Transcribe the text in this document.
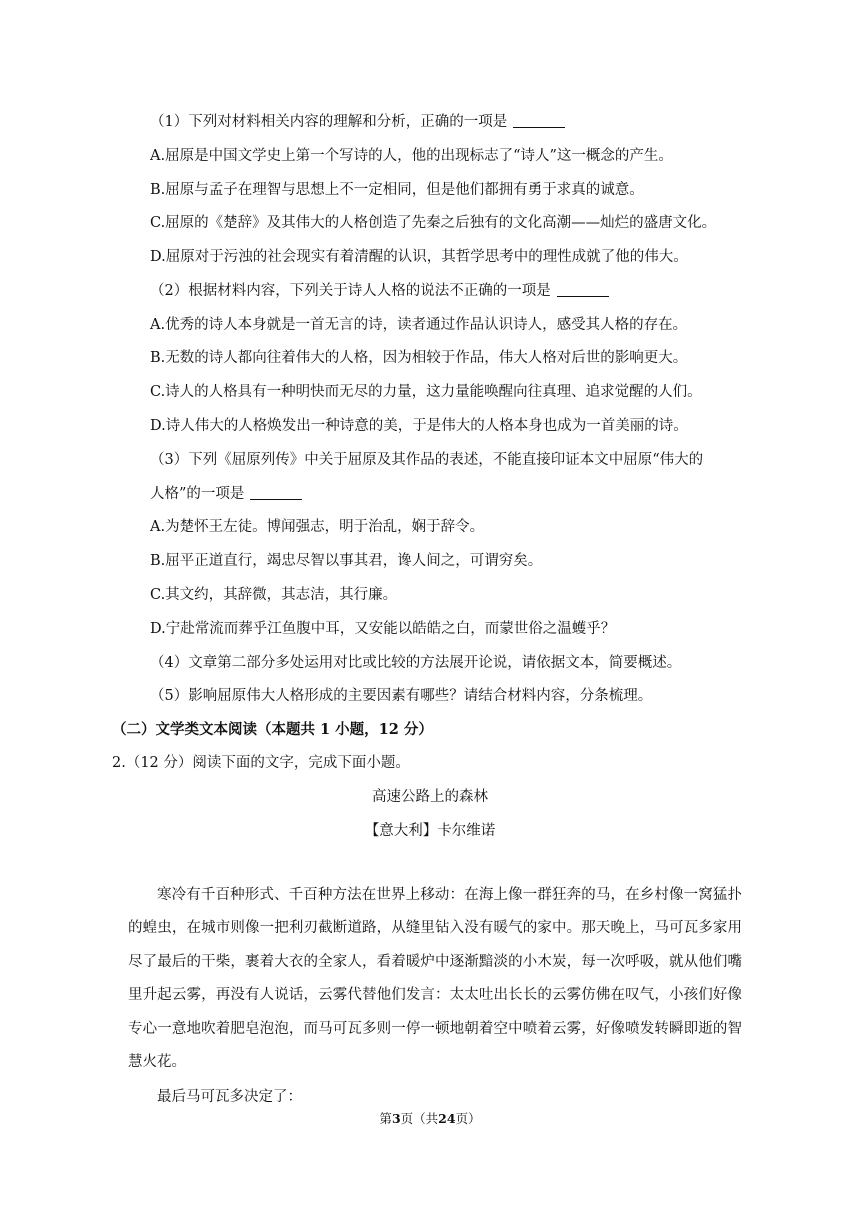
（1）下列对材料相关内容的理解和分析，正确的一项是
A.屈原是中国文学史上第一个写诗的人，他的出现标志了“诗人”这一概念的产生。
B.屈原与孟子在理智与思想上不一定相同，但是他们都拥有勇于求真的诚意。
C.屈原的《楚辞》及其伟大的人格创造了先秦之后独有的文化高潮——灿烂的盛唐文化。
D.屈原对于污浊的社会现实有着清醒的认识，其哲学思考中的理性成就了他的伟大。
（2）根据材料内容，下列关于诗人人格的说法不正确的一项是
A.优秀的诗人本身就是一首无言的诗，读者通过作品认识诗人，感受其人格的存在。
B.无数的诗人都向往着伟大的人格，因为相较于作品，伟大人格对后世的影响更大。
C.诗人的人格具有一种明快而无尽的力量，这力量能唤醒向往真理、追求觉醒的人们。
D.诗人伟大的人格焕发出一种诗意的美，于是伟大的人格本身也成为一首美丽的诗。
（3）下列《屈原列传》中关于屈原及其作品的表述，不能直接印证本文中屈原“伟大的
人格”的一项是
A.为楚怀王左徒。博闻强志，明于治乱，娴于辞令。
B.屈平正道直行，竭忠尽智以事其君，谗人间之，可谓穷矣。
C.其文约，其辞微，其志洁，其行廉。
D.宁赴常流而葬乎江鱼腹中耳，又安能以皓皓之白，而蒙世俗之温蠖乎？
（4）文章第二部分多处运用对比或比较的方法展开论说，请依据文本，简要概述。
（5）影响屈原伟大人格形成的主要因素有哪些？请结合材料内容，分条梳理。
（二）文学类文本阅读（本题共 1 小题，12 分）
2.（12 分）阅读下面的文字，完成下面小题。
高速公路上的森林
【意大利】卡尔维诺
寒冷有千百种形式、千百种方法在世界上移动：在海上像一群狂奔的马，在乡村像一窝猛扑的蝗虫，在城市则像一把利刃截断道路，从缝里钻入没有暖气的家中。那天晚上，马可瓦多家用尽了最后的干柴，裹着大衣的全家人，看着暖炉中逐渐黯淡的小木炭，每一次呼吸，就从他们嘴里升起云雾，再没有人说话，云雾代替他们发言：太太吐出长长的云雾仿佛在叹气，小孩们好像专心一意地吹着肥皂泡泡，而马可瓦多则一停一顿地朝着空中喷着云雾，好像喷发转瞬即逝的智慧火花。
最后马可瓦多决定了：
第3页（共24页）
